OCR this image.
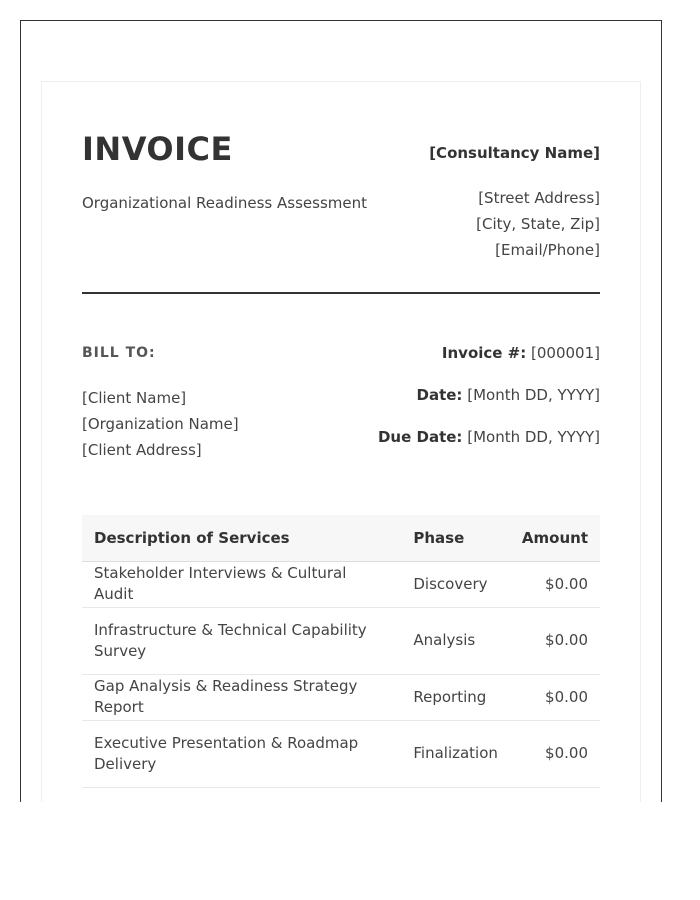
INVOICE
Organizational Readiness Assessment
[Consultancy Name]
[Street Address]
[City, State, Zip]
[Email/Phone]
BILL TO:
[Client Name]
[Organization Name]
[Client Address]
Invoice #: [000001]
Date: [Month DD, YYYY]
Due Date: [Month DD, YYYY]
Description of Services	Phase	Amount
Stakeholder Interviews & Cultural Audit	Discovery	$0.00
Infrastructure & Technical Capability Survey	Analysis	$0.00
Gap Analysis & Readiness Strategy Report	Reporting	$0.00
Executive Presentation & Roadmap Delivery	Finalization	$0.00
